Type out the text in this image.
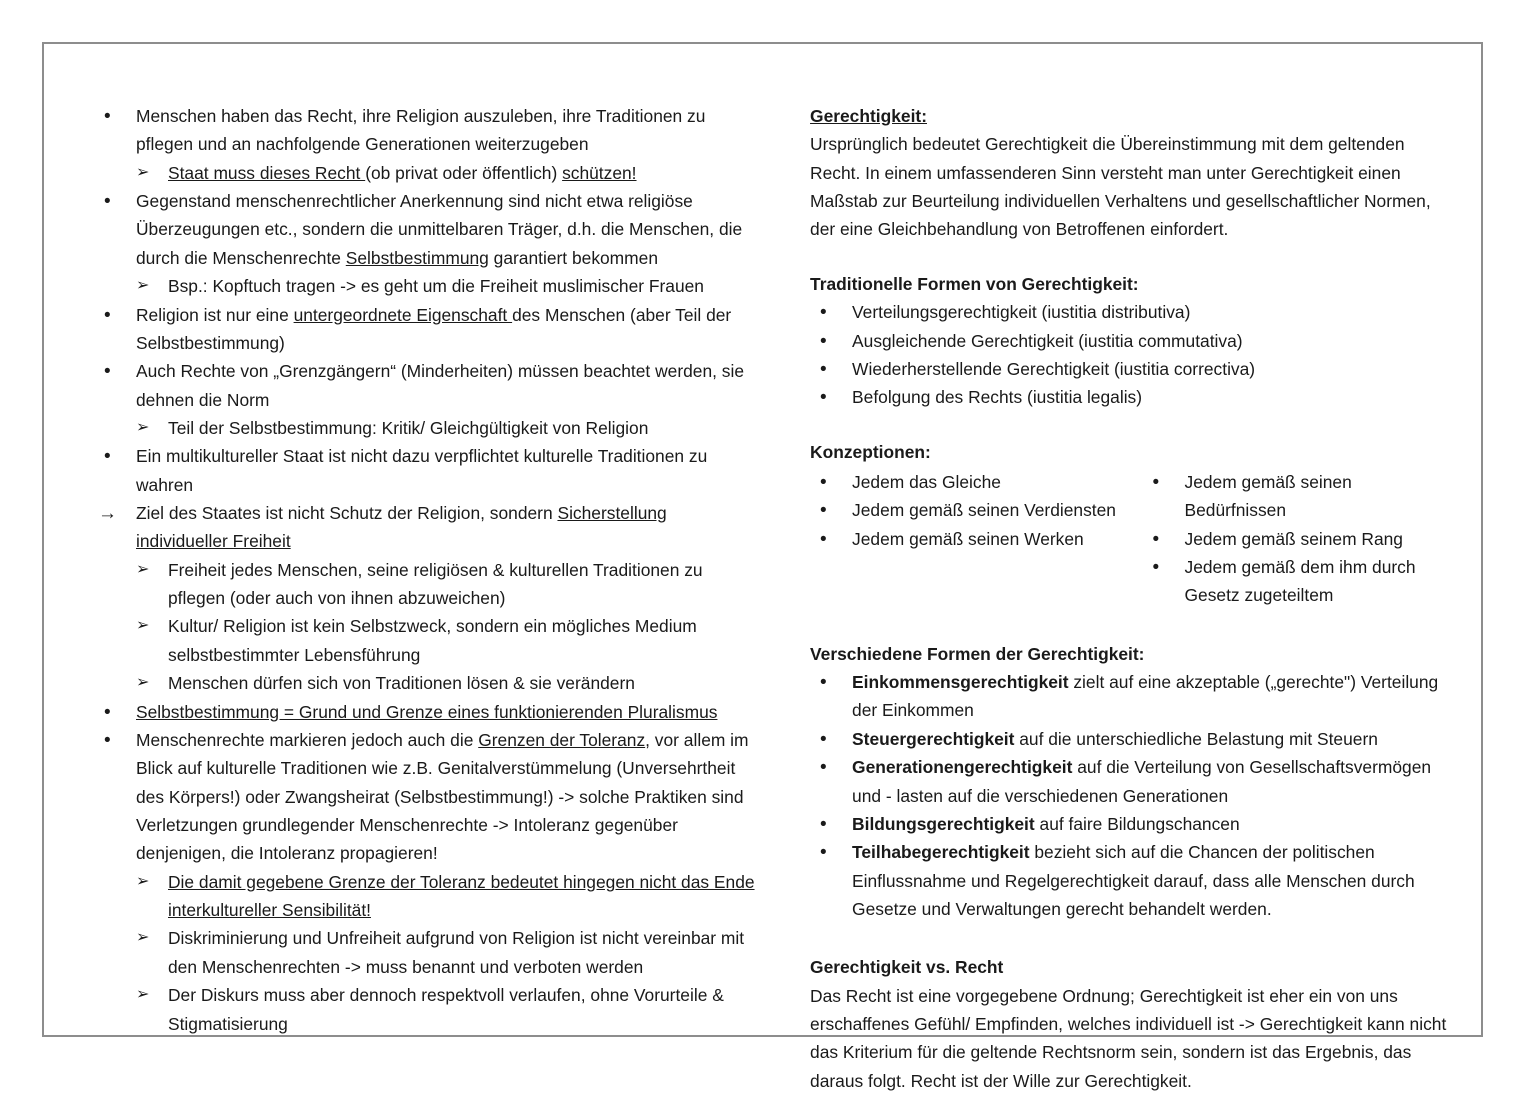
•
Menschen haben das Recht, ihre Religion auszuleben, ihre Traditionen zu pflegen und an nachfolgende Generationen weiterzugeben
➢ Staat muss dieses Recht (ob privat oder öffentlich) schützen!
•
Gegenstand menschenrechtlicher Anerkennung sind nicht etwa religiöse Überzeugungen etc., sondern die unmittelbaren Träger, d.h. die Menschen, die durch die Menschenrechte Selbstbestimmung garantiert bekommen
➢ Bsp.: Kopftuch tragen -> es geht um die Freiheit muslimischer Frauen
•
Religion ist nur eine untergeordnete Eigenschaft des Menschen (aber Teil der Selbstbestimmung)
•
Auch Rechte von „Grenzgängern“ (Minderheiten) müssen beachtet werden, sie dehnen die Norm
➢ Teil der Selbstbestimmung: Kritik/ Gleichgültigkeit von Religion
•
Ein multikultureller Staat ist nicht dazu verpflichtet kulturelle Traditionen zu wahren
→ Ziel des Staates ist nicht Schutz der Religion, sondern Sicherstellung individueller Freiheit
➢ Freiheit jedes Menschen, seine religiösen & kulturellen Traditionen zu pflegen (oder auch von ihnen abzuweichen)
➢ Kultur/ Religion ist kein Selbstzweck, sondern ein mögliches Medium selbstbestimmter Lebensführung
➢ Menschen dürfen sich von Traditionen lösen & sie verändern
•
Selbstbestimmung = Grund und Grenze eines funktionierenden Pluralismus
•
Menschenrechte markieren jedoch auch die Grenzen der Toleranz, vor allem im Blick auf kulturelle Traditionen wie z.B. Genitalverstümmelung (Unversehrtheit des Körpers!) oder Zwangsheirat (Selbstbestimmung!) -> solche Praktiken sind Verletzungen grundlegender Menschenrechte -> Intoleranz gegenüber denjenigen, die Intoleranz propagieren!
➢ Die damit gegebene Grenze der Toleranz bedeutet hingegen nicht das Ende interkultureller Sensibilität!
➢ Diskriminierung und Unfreiheit aufgrund von Religion ist nicht vereinbar mit den Menschenrechten -> muss benannt und verboten werden
➢ Der Diskurs muss aber dennoch respektvoll verlaufen, ohne Vorurteile & Stigmatisierung
Gerechtigkeit:

Ursprünglich bedeutet Gerechtigkeit die Übereinstimmung mit dem geltenden Recht. In einem umfassenderen Sinn versteht man unter Gerechtigkeit einen Maßstab zur Beurteilung individuellen Verhaltens und gesellschaftlicher Normen, der eine Gleichbehandlung von Betroffenen einfordert.

Traditionelle Formen von Gerechtigkeit:
•
Verteilungsgerechtigkeit (iustitia distributiva)
•
Ausgleichende Gerechtigkeit (iustitia commutativa)
•
Wiederherstellende Gerechtigkeit (iustitia correctiva)
•
Befolgung des Rechts (iustitia legalis)
Konzeptionen:
•
Jedem das Gleiche
•
Jedem gemäß seinen Verdiensten
•
Jedem gemäß seinen Werken
•
Jedem gemäß seinen Bedürfnissen
•
Jedem gemäß seinem Rang
•
Jedem gemäß dem ihm durch Gesetz zugeteiltem
Verschiedene Formen der Gerechtigkeit:
•
Einkommensgerechtigkeit zielt auf eine akzeptable („gerechte") Verteilung der Einkommen
•
Steuergerechtigkeit auf die unterschiedliche Belastung mit Steuern
•
Generationengerechtigkeit auf die Verteilung von Gesellschaftsvermögen und - lasten auf die verschiedenen Generationen
•
Bildungsgerechtigkeit auf faire Bildungschancen
•
Teilhabegerechtigkeit bezieht sich auf die Chancen der politischen Einflussnahme und Regelgerechtigkeit darauf, dass alle Menschen durch Gesetze und Verwaltungen gerecht behandelt werden.
Gerechtigkeit vs. Recht

Das Recht ist eine vorgegebene Ordnung; Gerechtigkeit ist eher ein von uns erschaffenes Gefühl/ Empfinden, welches individuell ist -> Gerechtigkeit kann nicht das Kriterium für die geltende Rechtsnorm sein, sondern ist das Ergebnis, das daraus folgt. Recht ist der Wille zur Gerechtigkeit.
